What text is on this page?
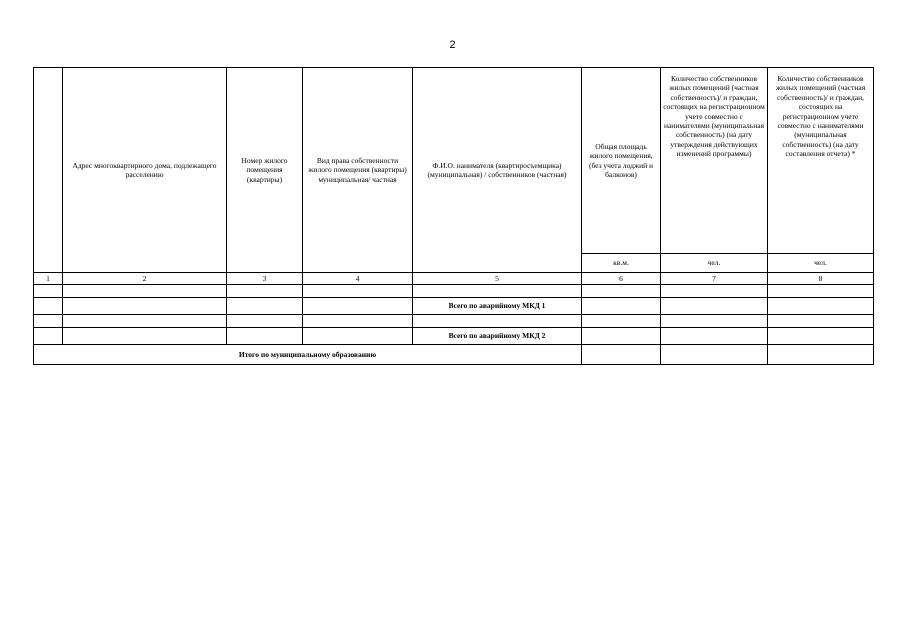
2
	Адрес многоквартирного дома, подлежащего расселению	Номер жилого помещения (квартиры)	Вид права собственности жилого помещения (квартиры) муниципальная/ частная	Ф.И.О. нанимателя (квартиросъемщика) (муниципальная) / собственников (частная)	Общая площадь жилого помещения, (без учета лоджий и балконов)	Количество собственников жилых помещений (частная собственность)/ и граждан, состоящих на регистрационном учете совместно с нанимателями (муниципальная собственность) (на дату утверждения действующих изменений программы)	Количество собственников жилых помещений (частная собственность)/ и граждан, состоящих на регистрационном учете совместно с нанимателями (муниципальная собственность) (на дату составления отчета) *
					кв.м.	чел.	чел.
1	2	3	4	5	6	7	8

				Всего по аварийному МКД 1			

				Всего по аварийному МКД 2			
Итого по муниципальному образованию							
